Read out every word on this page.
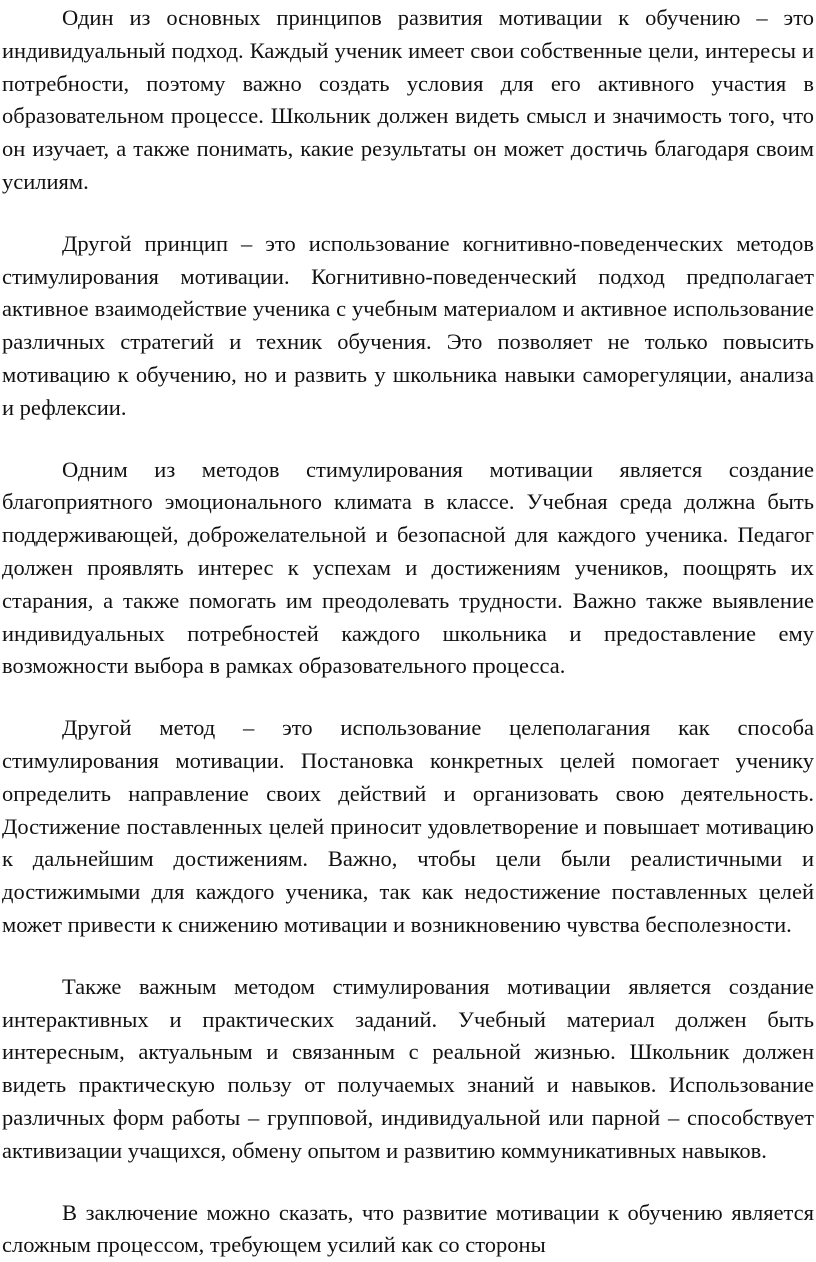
Один из основных принципов развития мотивации к обучению – это индивидуальный подход. Каждый ученик имеет свои собственные цели, интересы и потребности, поэтому важно создать условия для его активного участия в образовательном процессе. Школьник должен видеть смысл и значимость того, что он изучает, а также понимать, какие результаты он может достичь благодаря своим усилиям.

Другой принцип – это использование когнитивно-поведенческих методов стимулирования мотивации. Когнитивно-поведенческий подход предполагает активное взаимодействие ученика с учебным материалом и активное использование различных стратегий и техник обучения. Это позволяет не только повысить мотивацию к обучению, но и развить у школьника навыки саморегуляции, анализа и рефлексии.

Одним из методов стимулирования мотивации является создание благоприятного эмоционального климата в классе. Учебная среда должна быть поддерживающей, доброжелательной и безопасной для каждого ученика. Педагог должен проявлять интерес к успехам и достижениям учеников, поощрять их старания, а также помогать им преодолевать трудности. Важно также выявление индивидуальных потребностей каждого школьника и предоставление ему возможности выбора в рамках образовательного процесса.

Другой метод – это использование целеполагания как способа стимулирования мотивации. Постановка конкретных целей помогает ученику определить направление своих действий и организовать свою деятельность. Достижение поставленных целей приносит удовлетворение и повышает мотивацию к дальнейшим достижениям. Важно, чтобы цели были реалистичными и достижимыми для каждого ученика, так как недостижение поставленных целей может привести к снижению мотивации и возникновению чувства бесполезности.

Также важным методом стимулирования мотивации является создание интерактивных и практических заданий. Учебный материал должен быть интересным, актуальным и связанным с реальной жизнью. Школьник должен видеть практическую пользу от получаемых знаний и навыков. Использование различных форм работы – групповой, индивидуальной или парной – способствует активизации учащихся, обмену опытом и развитию коммуникативных навыков.

В заключение можно сказать, что развитие мотивации к обучению является сложным процессом, требующем усилий как со стороны
